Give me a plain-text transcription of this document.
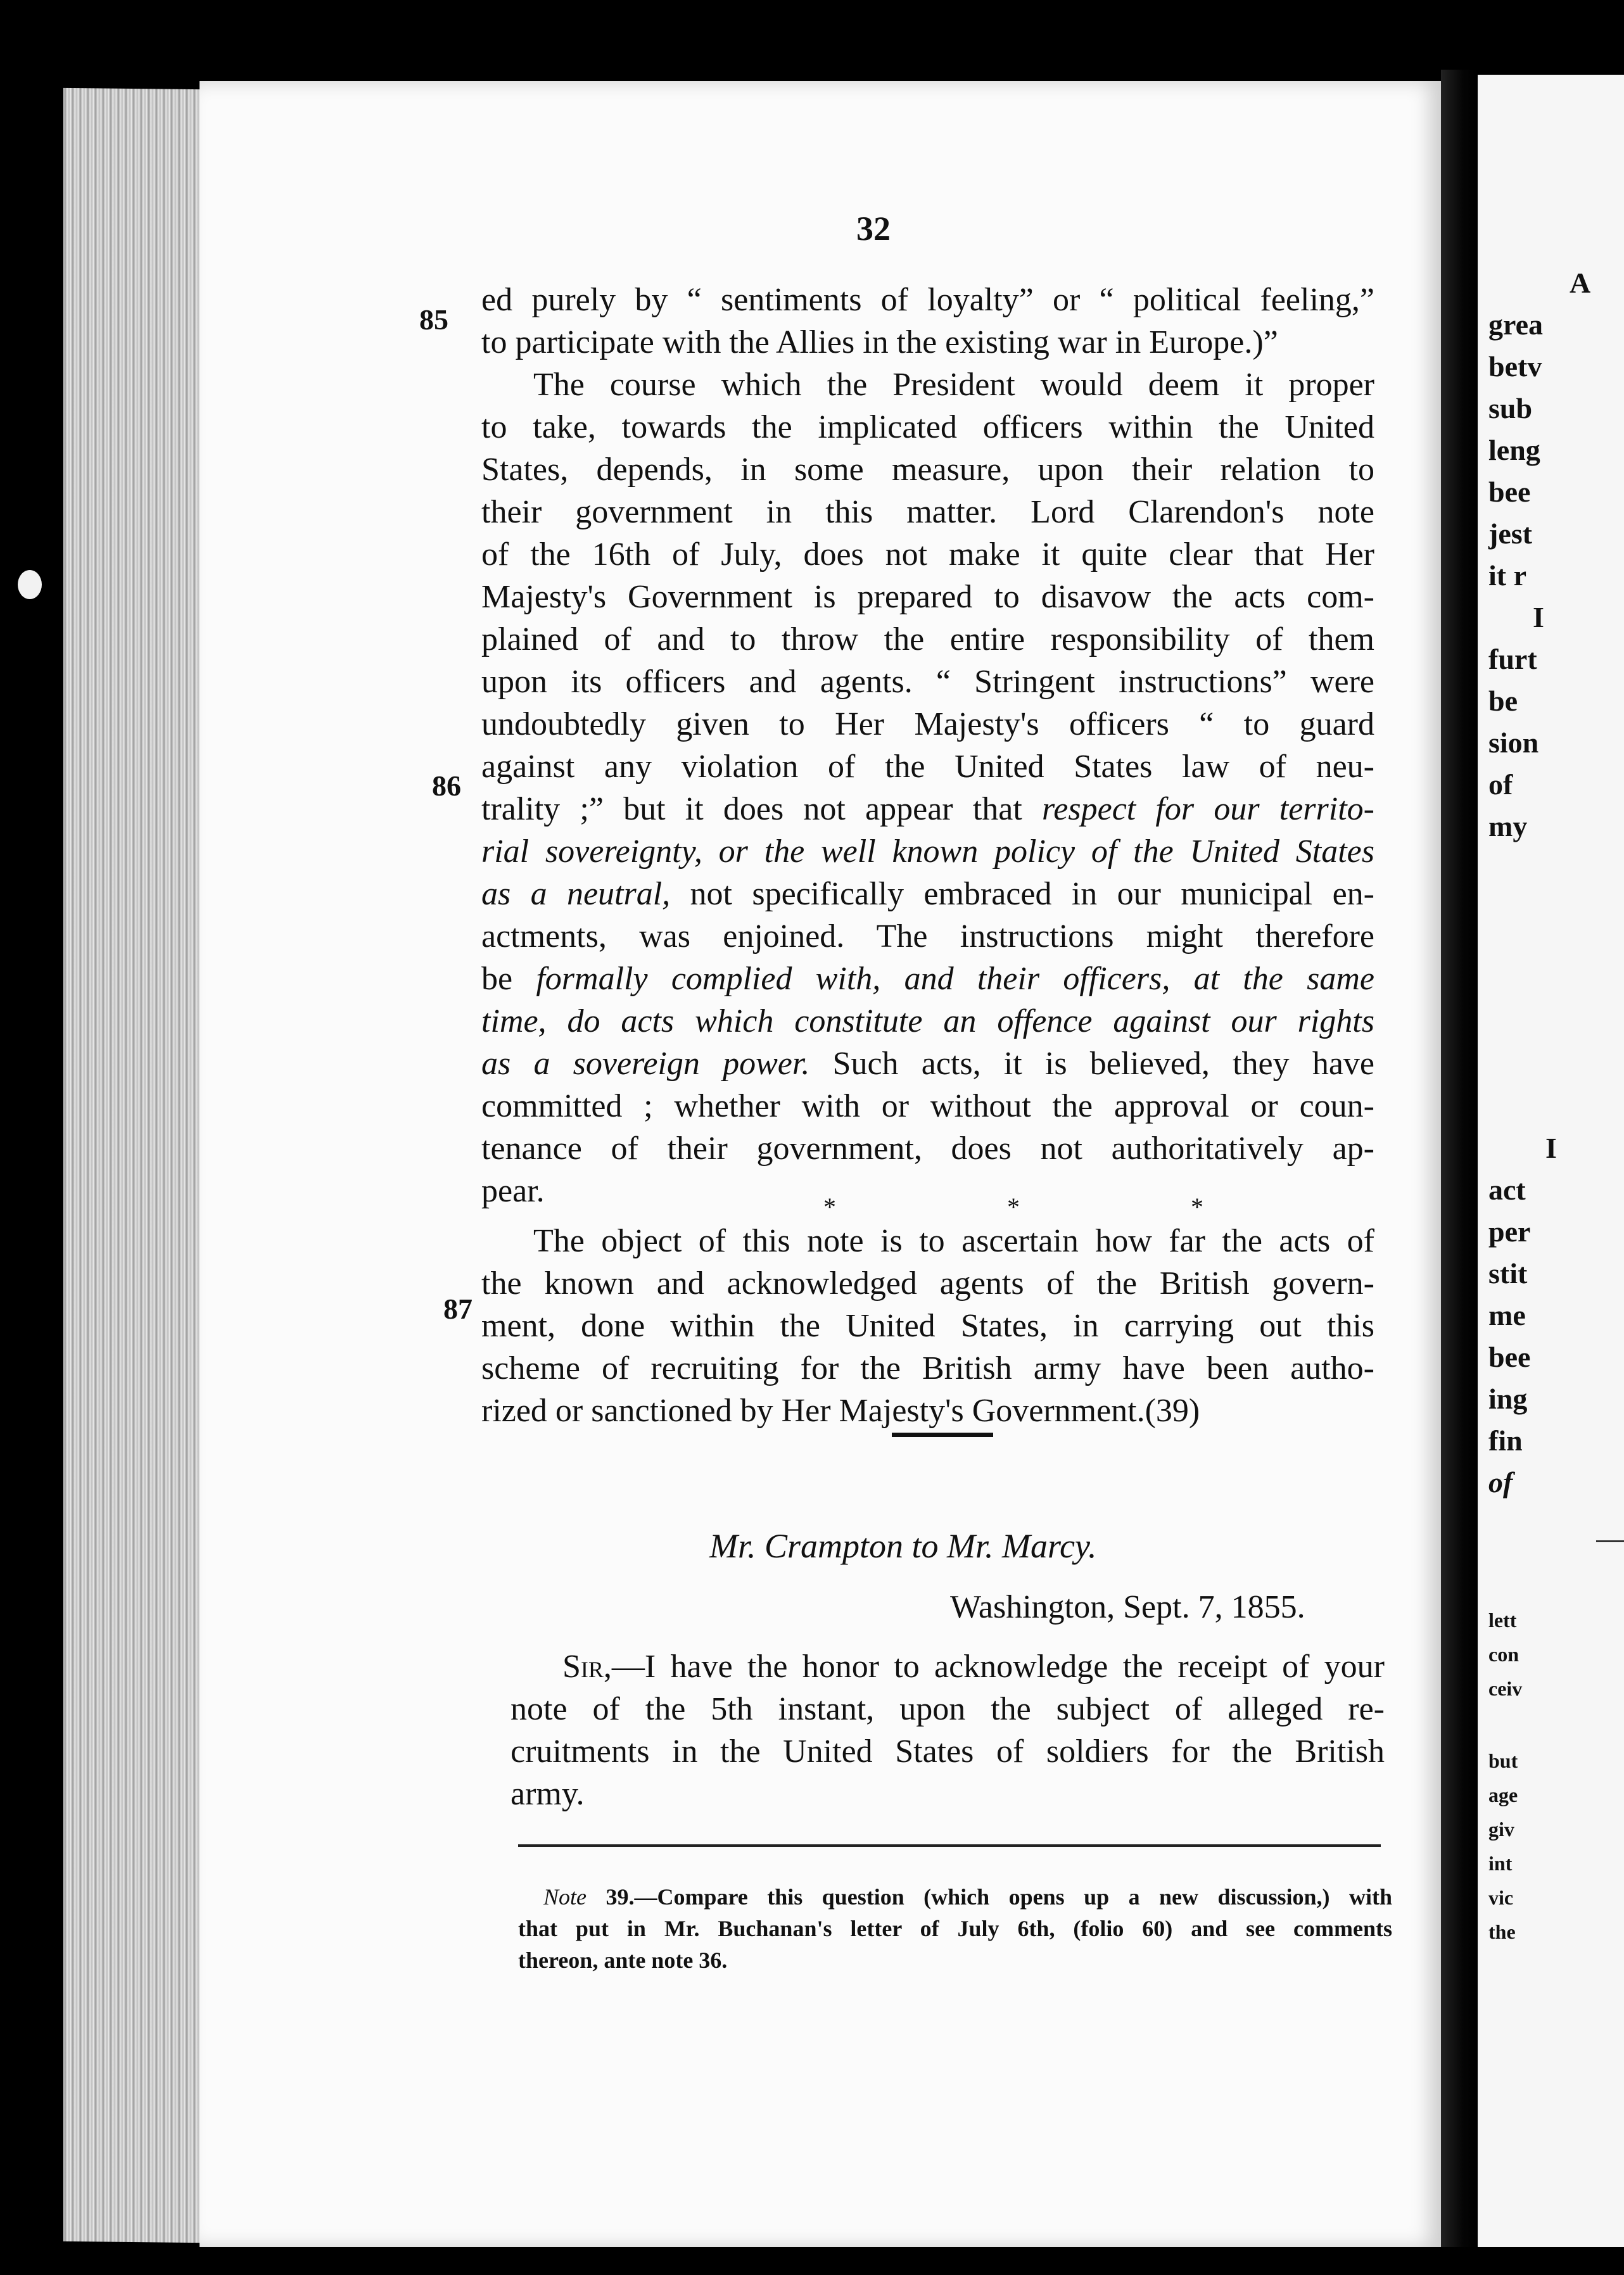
32
85
86
87
ed purely by “ sentiments of loyalty” or “ political feeling,”
to participate with the Allies in the existing war in Europe.)”
The course which the President would deem it proper
to take, towards the implicated officers within the United
States, depends, in some measure, upon their relation to
their government in this matter. Lord Clarendon's note
of the 16th of July, does not make it quite clear that Her
Majesty's Government is prepared to disavow the acts com-
plained of and to throw the entire responsibility of them
upon its officers and agents. “ Stringent instructions” were
undoubtedly given to Her Majesty's officers “ to guard
against any violation of the United States law of neu-
trality ;” but it does not appear that respect for our territo-
rial sovereignty, or the well known policy of the United States
as a neutral, not specifically embraced in our municipal en-
actments, was enjoined. The instructions might therefore
be formally complied with, and their officers, at the same
time, do acts which constitute an offence against our rights
as a sovereign power. Such acts, it is believed, they have
committed ; whether with or without the approval or coun-
tenance of their government, does not authoritatively ap-
pear.	* * *
The object of this note is to ascertain how far the acts of
the known and acknowledged agents of the British govern-
ment, done within the United States, in carrying out this
scheme of recruiting for the British army have been autho-
rized or sanctioned by Her Majesty's Government.(39)
Mr. Crampton to Mr. Marcy.
Washington, Sept. 7, 1855.
Sir,—I have the honor to acknowledge the receipt of your
note of the 5th instant, upon the subject of alleged re-
cruitments in the United States of soldiers for the British
army.
Note 39.—Compare this question (which opens up a new discussion,) with
that put in Mr. Buchanan's letter of July 6th, (folio 60) and see comments
thereon, ante note 36.
A
grea
betv
sub
leng
bee
jest
it r
I
furt
be
sion
of
my
I
act
per
stit
me
bee
ing
fin
of
lett
con
ceiv
but
age
giv
int
vic
the
